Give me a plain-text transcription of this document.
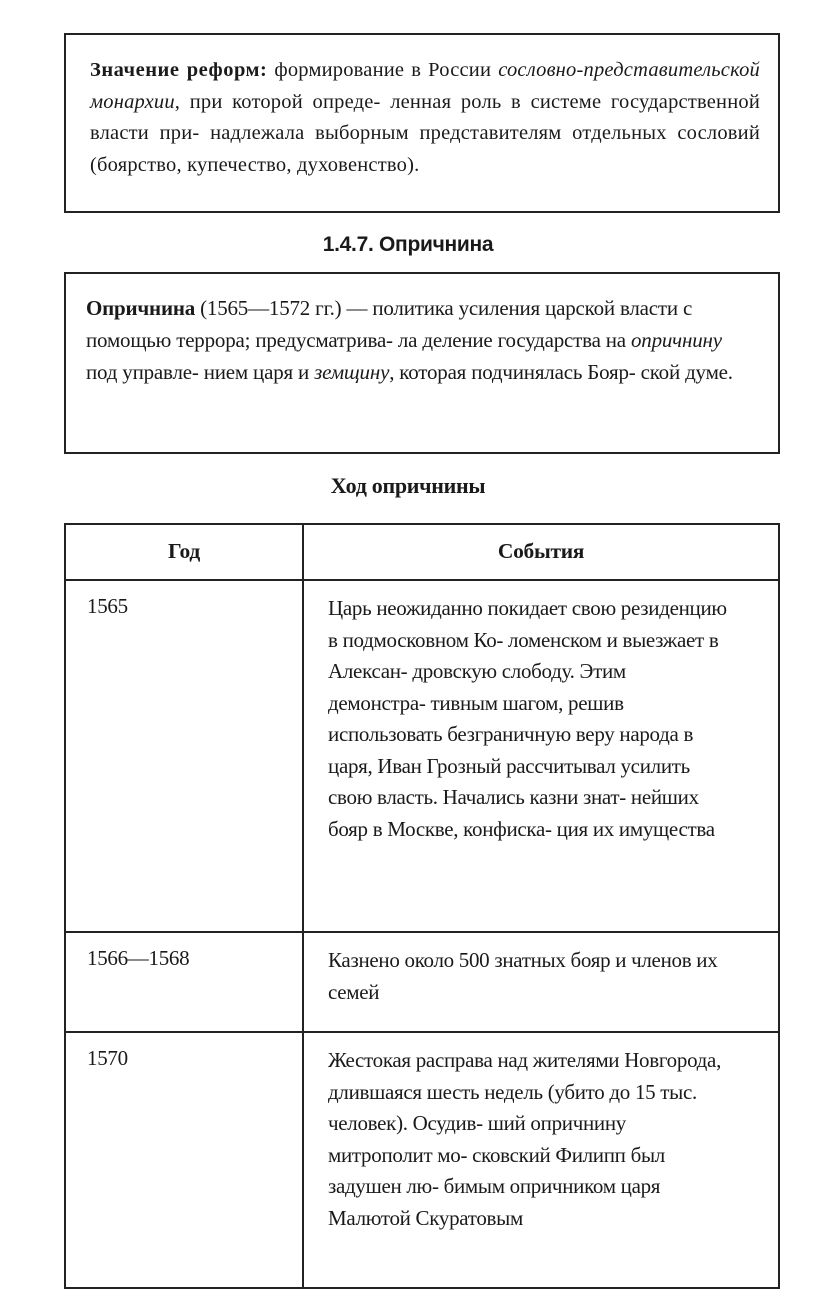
Значение реформ: формирование в России сословно-представительской монархии, при которой опреде- ленная роль в системе государственной власти при- надлежала выборным представителям отдельных сословий (боярство, купечество, духовенство).

1.4.7. Опричнина

Опричнина (1565—1572 гг.) — политика усиления царской власти с помощью террора; предусматрива- ла деление государства на опричнину под управле- нием царя и земщину, которая подчинялась Бояр- ской думе.

Ход опричнины
Год	События
1565	Царь неожиданно покидает свою резиденцию в подмосковном Ко- ломенском и выезжает в Алексан- дровскую слободу. Этим демонстра- тивным шагом, решив использовать безграничную веру народа в царя, Иван Грозный рассчитывал усилить свою власть. Начались казни знат- нейших бояр в Москве, конфиска- ция их имущества

1566—1568	Казнено около 500 знатных бояр и членов их семей

1570	Жестокая расправа над жителями Новгорода, длившаяся шесть недель (убито до 15 тыс. человек). Осудив- ший опричнину митрополит мо- сковский Филипп был задушен лю- бимым опричником царя Малютой Скуратовым
